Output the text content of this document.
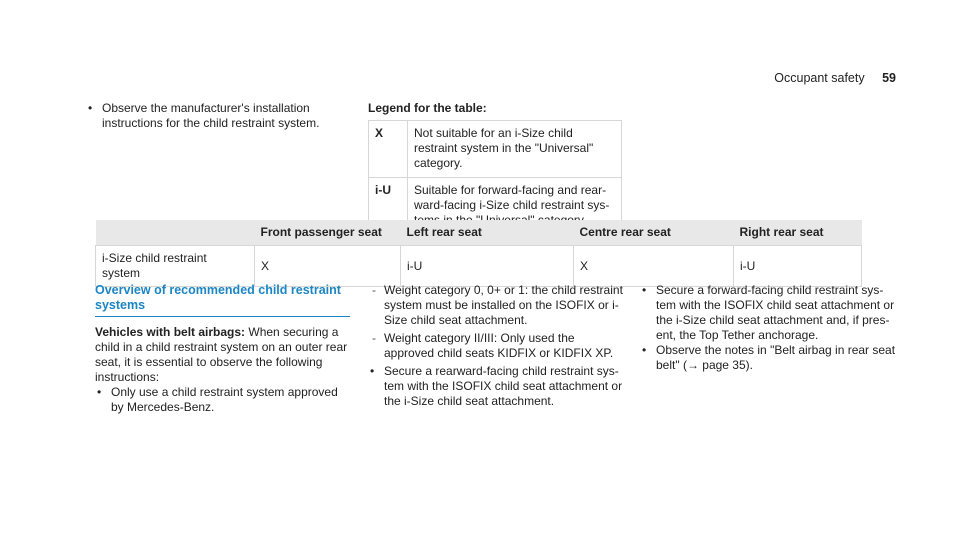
Occupant safety 59
• Observe the manufacturer's installation instructions for the child restraint system.
Legend for the table:
X	Not suitable for an i-Size child restraint system in the "Universal" category.
i-U	Suitable for forward-facing and rear-ward-facing i-Size child restraint sys-
	Front passenger seat	Left rear seat	Centre rear seat	Right rear seat
i-Size child restraint system	X	i-U	X	i-U
Overview of recommended child restraint systems

Vehicles with belt airbags: When securing a child in a child restraint system on an outer rear seat, it is essential to observe the following instructions:

• Only use a child restraint system approved by Mercedes-Benz.
- Weight category 0, 0+ or 1: the child restraint system must be installed on the ISOFIX or i-Size child seat attachment.
- Weight category II/III: Only used the approved child seats KIDFIX or KIDFIX XP.
• Secure a rearward-facing child restraint sys-tem with the ISOFIX child seat attachment or the i-Size child seat attachment.
• Secure a forward-facing child restraint sys-tem with the ISOFIX child seat attachment or the i-Size child seat attachment and, if pres-ent, the Top Tether anchorage.
• Observe the notes in "Belt airbag in rear seat belt" (→ page 35).
